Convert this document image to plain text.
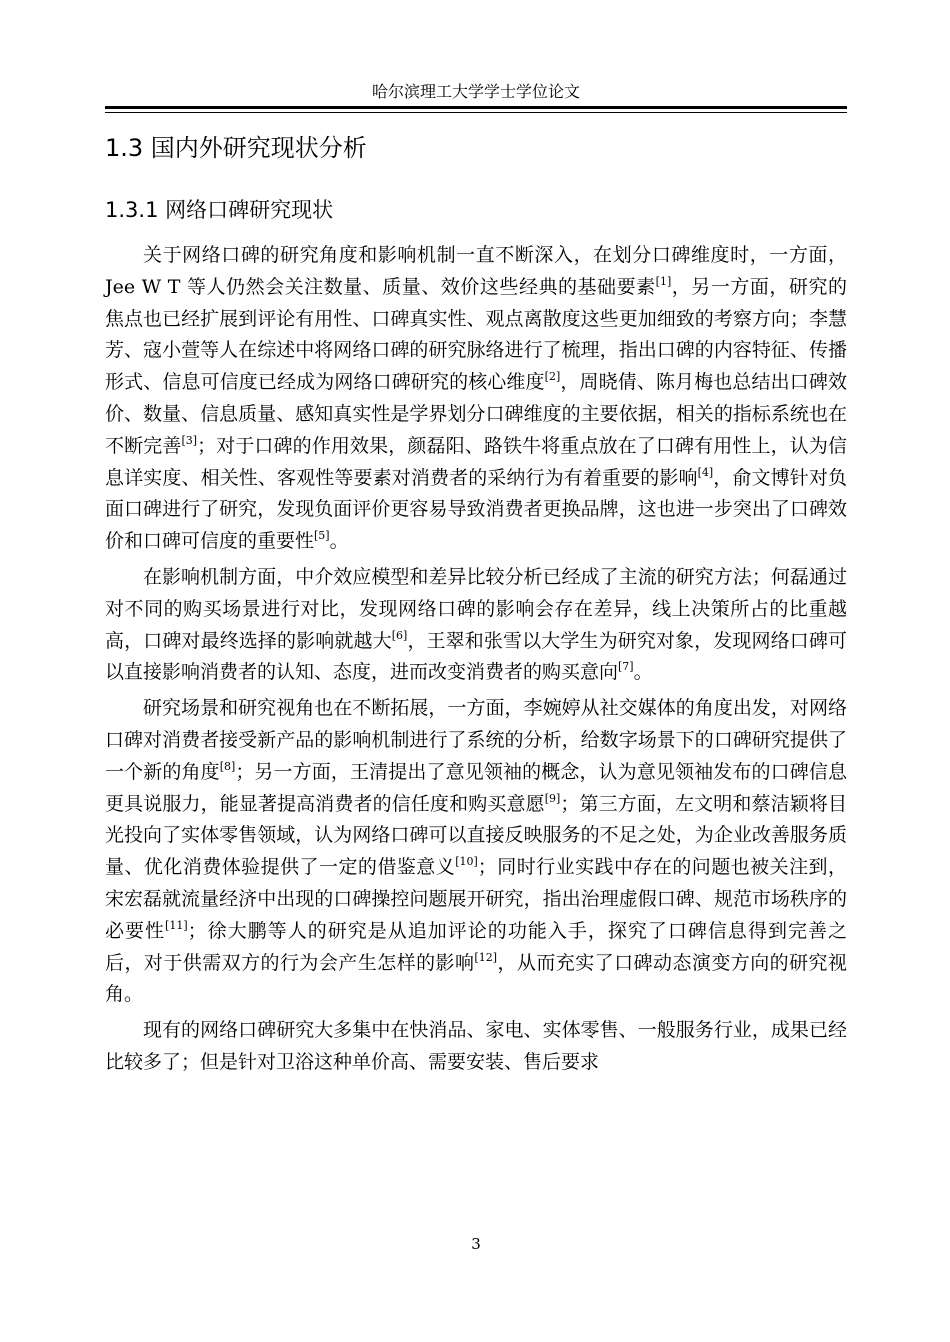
哈尔滨理工大学学士学位论文
1.3 国内外研究现状分析
1.3.1 网络口碑研究现状

关于网络口碑的研究角度和影响机制一直不断深入，在划分口碑维度时，一方面，Jee W T 等人仍然会关注数量、质量、效价这些经典的基础要素[1]，另一方面，研究的焦点也已经扩展到评论有用性、口碑真实性、观点离散度这些更加细致的考察方向；李慧芳、寇小萱等人在综述中将网络口碑的研究脉络进行了梳理，指出口碑的内容特征、传播形式、信息可信度已经成为网络口碑研究的核心维度[2]，周晓倩、陈月梅也总结出口碑效价、数量、信息质量、感知真实性是学界划分口碑维度的主要依据，相关的指标系统也在不断完善[3]；对于口碑的作用效果，颜磊阳、路铁牛将重点放在了口碑有用性上，认为信息详实度、相关性、客观性等要素对消费者的采纳行为有着重要的影响[4]，俞文博针对负面口碑进行了研究，发现负面评价更容易导致消费者更换品牌，这也进一步突出了口碑效价和口碑可信度的重要性[5]。

在影响机制方面，中介效应模型和差异比较分析已经成了主流的研究方法；何磊通过对不同的购买场景进行对比，发现网络口碑的影响会存在差异，线上决策所占的比重越高，口碑对最终选择的影响就越大[6]，王翠和张雪以大学生为研究对象，发现网络口碑可以直接影响消费者的认知、态度，进而改变消费者的购买意向[7]。

研究场景和研究视角也在不断拓展，一方面，李婉婷从社交媒体的角度出发，对网络口碑对消费者接受新产品的影响机制进行了系统的分析，给数字场景下的口碑研究提供了一个新的角度[8]；另一方面，王清提出了意见领袖的概念，认为意见领袖发布的口碑信息更具说服力，能显著提高消费者的信任度和购买意愿[9]；第三方面，左文明和蔡洁颖将目光投向了实体零售领域，认为网络口碑可以直接反映服务的不足之处，为企业改善服务质量、优化消费体验提供了一定的借鉴意义[10]；同时行业实践中存在的问题也被关注到，宋宏磊就流量经济中出现的口碑操控问题展开研究，指出治理虚假口碑、规范市场秩序的必要性[11]；徐大鹏等人的研究是从追加评论的功能入手，探究了口碑信息得到完善之后，对于供需双方的行为会产生怎样的影响[12]，从而充实了口碑动态演变方向的研究视角。

现有的网络口碑研究大多集中在快消品、家电、实体零售、一般服务行业，成果已经比较多了；但是针对卫浴这种单价高、需要安装、售后要求

3
